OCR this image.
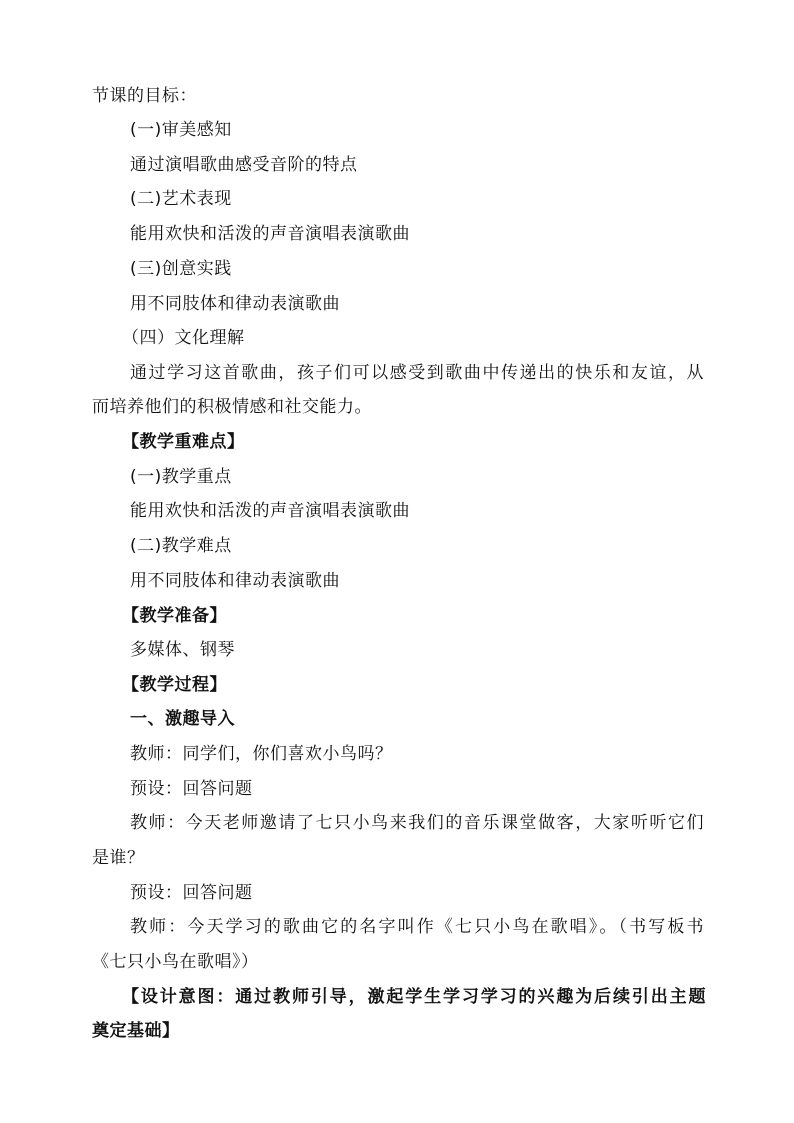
节课的目标：
(一)审美感知
通过演唱歌曲感受音阶的特点
(二)艺术表现
能用欢快和活泼的声音演唱表演歌曲
(三)创意实践
用不同肢体和律动表演歌曲
（四）文化理解
通过学习这首歌曲，孩子们可以感受到歌曲中传递出的快乐和友谊，从
而培养他们的积极情感和社交能力。
【教学重难点】
(一)教学重点
能用欢快和活泼的声音演唱表演歌曲
(二)教学难点
用不同肢体和律动表演歌曲
【教学准备】
多媒体、钢琴
【教学过程】
一、激趣导入
教师：同学们，你们喜欢小鸟吗？
预设：回答问题
教师：今天老师邀请了七只小鸟来我们的音乐课堂做客，大家听听它们
是谁？
预设：回答问题
教师：今天学习的歌曲它的名字叫作《七只小鸟在歌唱》。（书写板书
《七只小鸟在歌唱》）
【设计意图：通过教师引导，激起学生学习学习的兴趣为后续引出主题
奠定基础】
